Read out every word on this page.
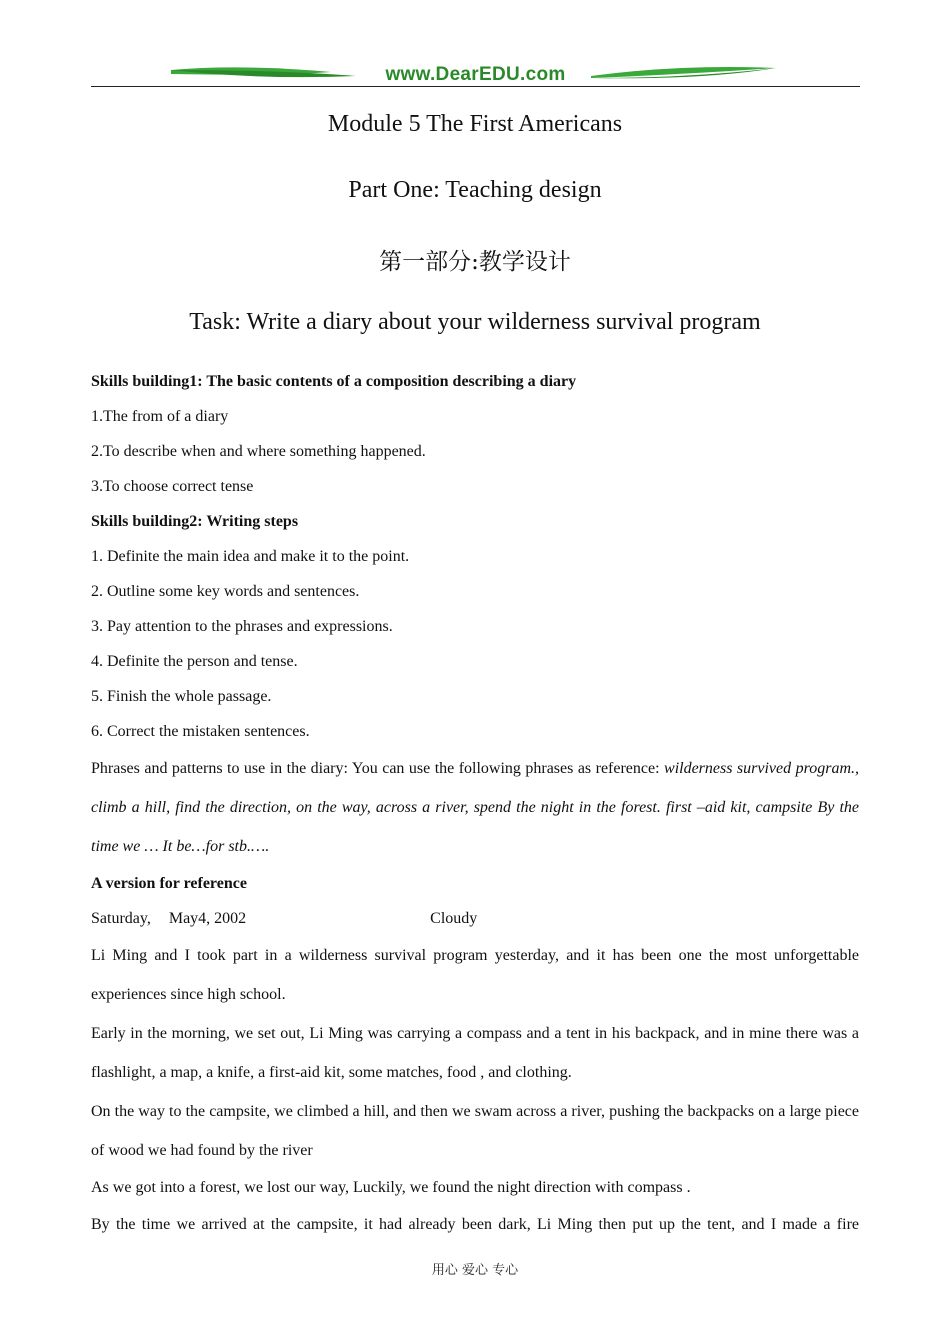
www.DearEDU.com
Module 5 The First Americans
Part One: Teaching design
第一部分:教学设计
Task: Write a diary about your wilderness survival program

Skills building1: The basic contents of a composition describing a diary

1.The from of a diary

2.To describe when and where something happened.

3.To choose correct tense

Skills building2: Writing steps

1. Definite the main idea and make it to the point.

2. Outline some key words and sentences.

3. Pay attention to the phrases and expressions.

4. Definite the person and tense.

5. Finish the whole passage.

6. Correct the mistaken sentences.

Phrases and patterns to use in the diary: You can use the following phrases as reference: wilderness survived program., climb a hill, find the direction, on the way, across a river, spend the night in the forest. first –aid kit, campsite By the time we … It be…for stb.….

A version for reference

Saturday, May4, 2002	Cloudy

Li Ming and I took part in a wilderness survival program yesterday, and it has been one the most unforgettable experiences since high school.

Early in the morning, we set out, Li Ming was carrying a compass and a tent in his backpack, and in mine there was a flashlight, a map, a knife, a first-aid kit, some matches, food , and clothing.

On the way to the campsite, we climbed a hill, and then we swam across a river, pushing the backpacks on a large piece of wood we had found by the river

As we got into a forest, we lost our way, Luckily, we found the night direction with compass .

By the time we arrived at the campsite, it had already been dark, Li Ming then put up the tent, and I made a fire

用心 爱心 专心
